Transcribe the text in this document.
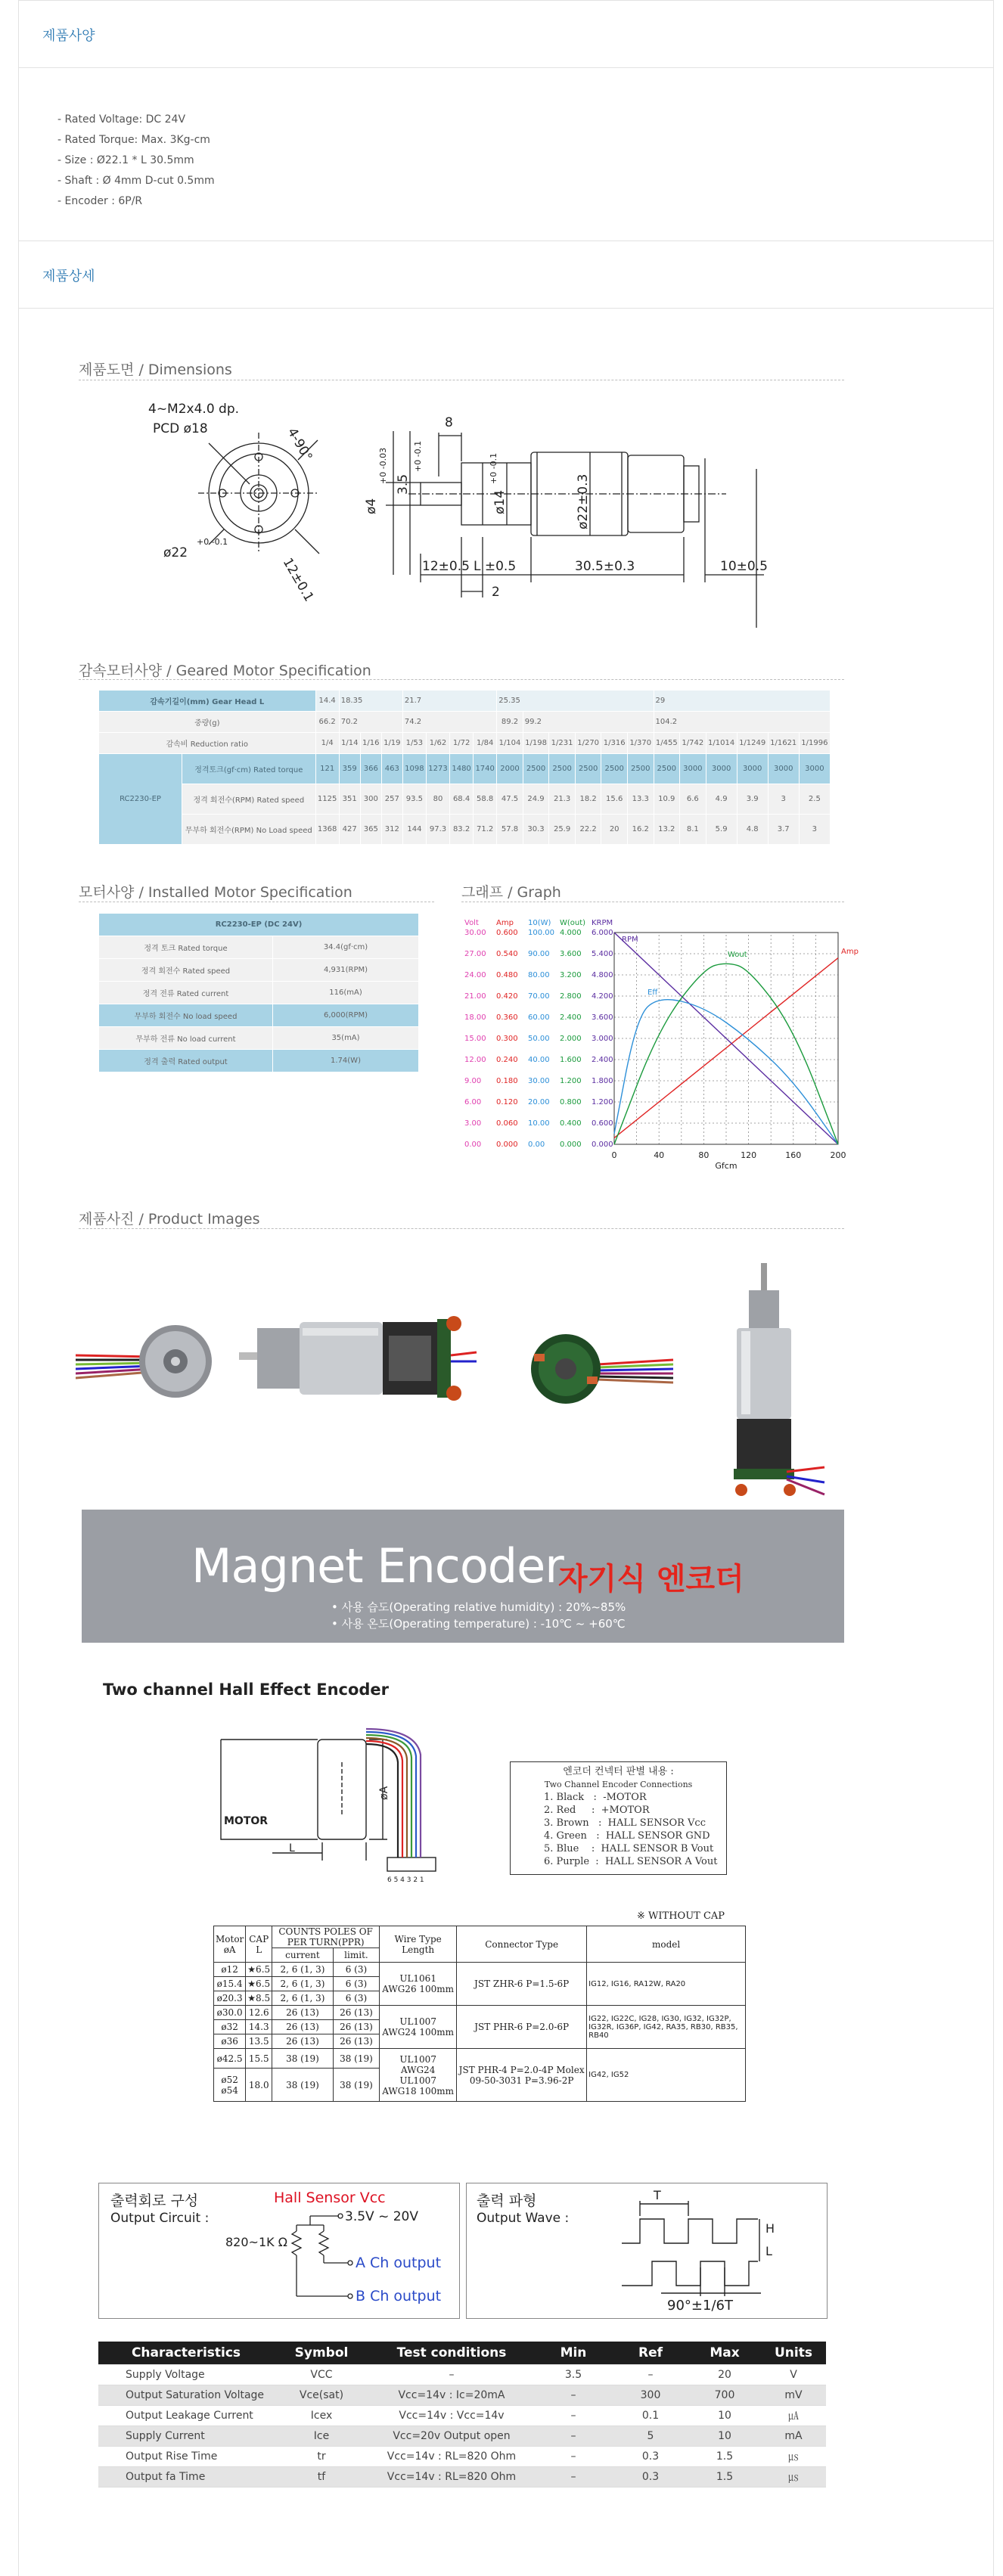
제품사양
- Rated Voltage: DC 24V
- Rated Torque: Max. 3Kg-cm
- Size : Ø22.1 * L 30.5mm
- Shaft : Ø 4mm D-cut 0.5mm
- Encoder : 6P/R
제품상세
제품도면 / Dimensions
4~M2x4.0 dp.
PCD ø18	4-90°
ø22
+0 -0.1
12±0.1
ø4
+0 -0.03
3.5
+0 -0.1
8
ø14
+0 -0.1
ø22±0.3
12±0.5 L ±0.5	30.5±0.3	10±0.5
2
감속모터사양 / Geared Motor Specification
감속기길이(mm) Gear Head L		14.4	18.35			21.7				25.35						29					
중량(g)		66.2	70.2			74.2				89.2	99.2					104.2					
감속비 Reduction ratio		1/4	1/14	1/16	1/19	1/53	1/62	1/72	1/84	1/104	1/198	1/231	1/270	1/316	1/370	1/455	1/742	1/1014	1/1249	1/1621	1/1996
RC2230-EP	정격토크(gf·cm) Rated torque	121	359	366	463	1098	1273	1480	1740	2000	2500	2500	2500	2500	2500	2500	3000	3000	3000	3000	3000
	정격 회전수(RPM) Rated speed	1125	351	300	257	93.5	80	68.4	58.8	47.5	24.9	21.3	18.2	15.6	13.3	10.9	6.6	4.9	3.9	3	2.5
	무부하 회전수(RPM) No Load speed	1368	427	365	312	144	97.3	83.2	71.2	57.8	30.3	25.9	22.2	20	16.2	13.2	8.1	5.9	4.8	3.7	3
모터사양 / Installed Motor Specification
RC2230-EP (DC 24V)	
정격 토크 Rated torque	34.4(gf·cm)
정격 회전수 Rated speed	4,931(RPM)
정격 전류 Rated current	116(mA)
무부하 회전수 No load speed	6,000(RPM)
무부하 전류 No load current	35(mA)
정격 출력 Rated output	1.74(W)
그래프 / Graph
Volt
0.00
3.00
6.00
9.00
12.00
15.00
18.00
21.00
24.00
27.00
30.00
Amp
0.000
0.060
0.120
0.180
0.240
0.300
0.360
0.420
0.480
0.540
0.600
10(W)
0.00
10.00
20.00
30.00
40.00
50.00
60.00
70.00
80.00
90.00
100.00
W(out)
0.000
0.400
0.800
1.200
1.600
2.000
2.400
2.800
3.200
3.600
4.000
KRPM
0.000
0.600
1.200
1.800
2.400
3.000
3.600
4.200
4.800
5.400
6.000
0	40	80	120	160	200
Gfcm
Amp
Eff
Wout
RPM
제품사진 / Product Images
Magnet Encoder
자기식 엔코더
• 사용 습도(Operating relative humidity) : 20%~85%
• 사용 온도(Operating temperature) : -10℃ ~ +60℃
Two channel Hall Effect Encoder
MOTOR
øA
L
6 5 4 3 2 1
엔코더 컨넥터 판별 내용 :
Two Channel Encoder Connections
1. Black   :  -MOTOR
2. Red     :  +MOTOR
3. Brown   :  HALL SENSOR Vcc
4. Green   :  HALL SENSOR GND
5. Blue    :  HALL SENSOR B Vout
6. Purple  :  HALL SENSOR A Vout
※ WITHOUT CAP
Motor øA	CAP L	COUNTS POLES OF PER TURN(PPR)		Wire Type Length	Connector Type	model
		current	limit.			
ø12	★6.5	2, 6 (1, 3)	6 (3)	UL1061 AWG26 100mm	JST ZHR-6 P=1.5-6P	IG12, IG16, RA12W, RA20
ø15.4	★6.5	2, 6 (1, 3)	6 (3)			
ø20.3	★8.5	2, 6 (1, 3)	6 (3)			
ø30.0	12.6	26 (13)	26 (13)	UL1007 AWG24 100mm	JST PHR-6 P=2.0-6P	IG22, IG22C, IG28, IG30, IG32, IG32P, IG32R, IG36P, IG42, RA35, RB30, RB35, RB40
ø32	14.3	26 (13)	26 (13)			
ø36	13.5	26 (13)	26 (13)			
ø42.5	15.5	38 (19)	38 (19)	UL1007 AWG24 UL1007 AWG18 100mm	JST PHR-4 P=2.0-4P Molex 09-50-3031 P=3.96-2P	IG42, IG52
ø52 ø54	18.0	38 (19)	38 (19)			
출력회로 구성
Output Circuit :
Hall Sensor Vcc
3.5V ~ 20V
820~1K Ω
A Ch output
B Ch output
출력 파형
Output Wave :
T
H
L
90°±1/6T
Characteristics	Symbol	Test conditions	Min	Ref	Max	Units
Supply Voltage	VCC	–	3.5	–	20	V
Output Saturation Voltage	Vce(sat)	Vcc=14v : Ic=20mA	–	300	700	mV
Output Leakage Current	Icex	Vcc=14v : Vcc=14v	–	0.1	10	㎂
Supply Current	Ice	Vcc=20v Output open	–	5	10	mA
Output Rise Time	tr	Vcc=14v : RL=820 Ohm	–	0.3	1.5	㎲
Output fa Time	tf	Vcc=14v : RL=820 Ohm	–	0.3	1.5	㎲
